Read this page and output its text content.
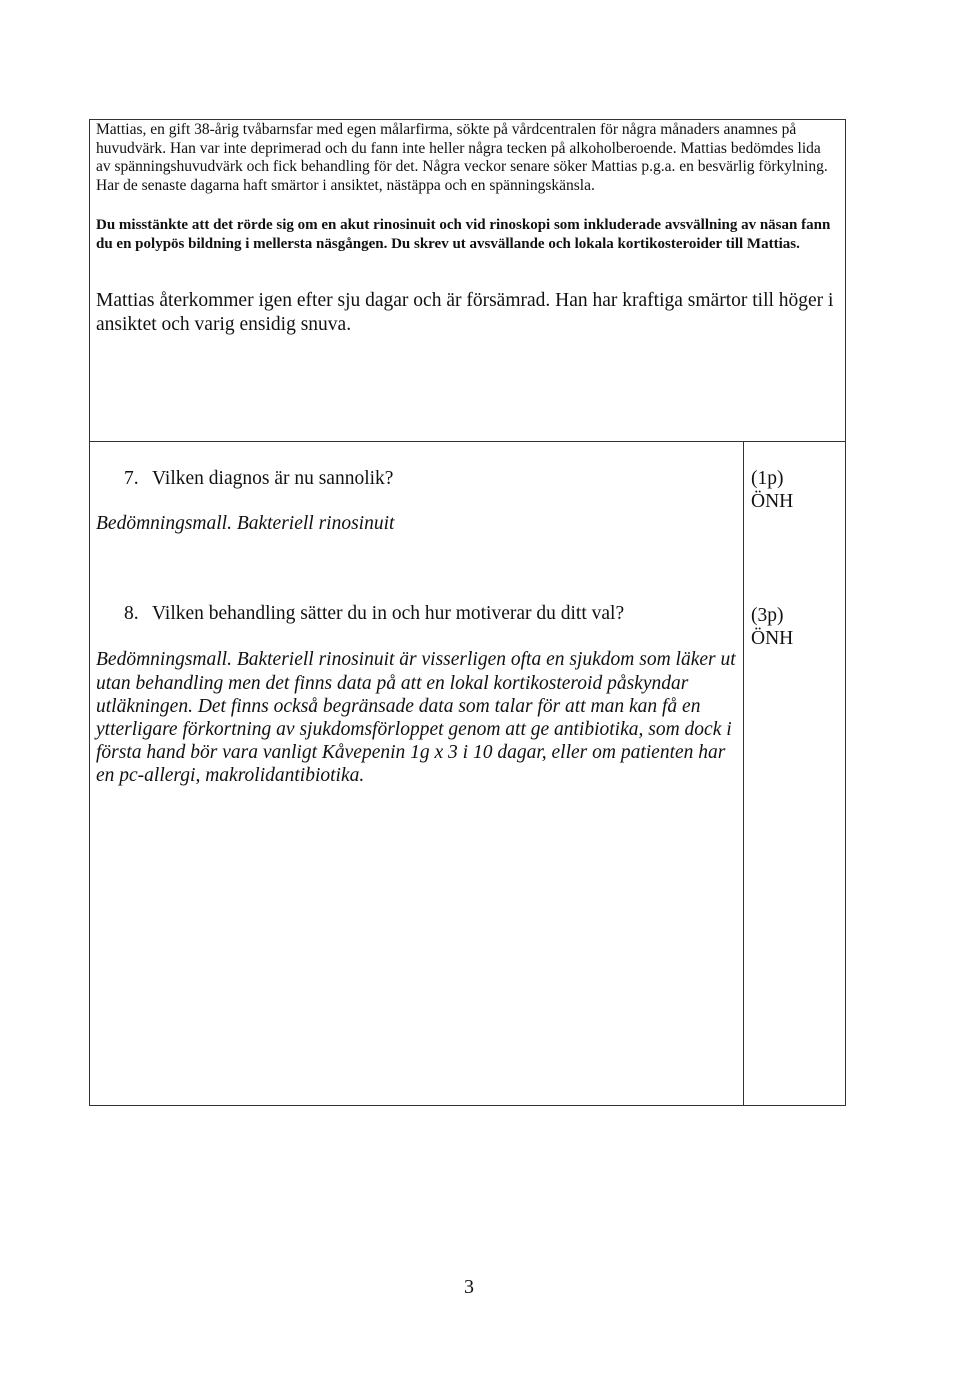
Mattias, en gift 38-årig tvåbarnsfar med egen målarfirma, sökte på vårdcentralen för några månaders anamnes på huvudvärk. Han var inte deprimerad och du fann inte heller några tecken på alkoholberoende. Mattias bedömdes lida av spänningshuvudvärk och fick behandling för det. Några veckor senare söker Mattias p.g.a. en besvärlig förkylning. Har de senaste dagarna haft smärtor i ansiktet, nästäppa och en spänningskänsla.

Du misstänkte att det rörde sig om en akut rinosinuit och vid rinoskopi som inkluderade avsvällning av näsan fann du en polypös bildning i mellersta näsgången. Du skrev ut avsvällande och lokala kortikosteroider till Mattias.

Mattias återkommer igen efter sju dagar och är försämrad. Han har kraftiga smärtor till höger i ansiktet och varig ensidig snuva.

7. Vilken diagnos är nu sannolik?	(1p)

ÖNH

Bedömningsmall. Bakteriell rinosinuit

8. Vilken behandling sätter du in och hur motiverar du ditt val?	(3p)

ÖNH

Bedömningsmall. Bakteriell rinosinuit är visserligen ofta en sjukdom som läker ut

utan behandling men det finns data på att en lokal kortikosteroid påskyndar

utläkningen. Det finns också begränsade data som talar för att man kan få en

ytterligare förkortning av sjukdomsförloppet genom att ge antibiotika, som dock i

första hand bör vara vanligt Kåvepenin 1g x 3 i 10 dagar, eller om patienten har

en pc-allergi, makrolidantibiotika.

3
